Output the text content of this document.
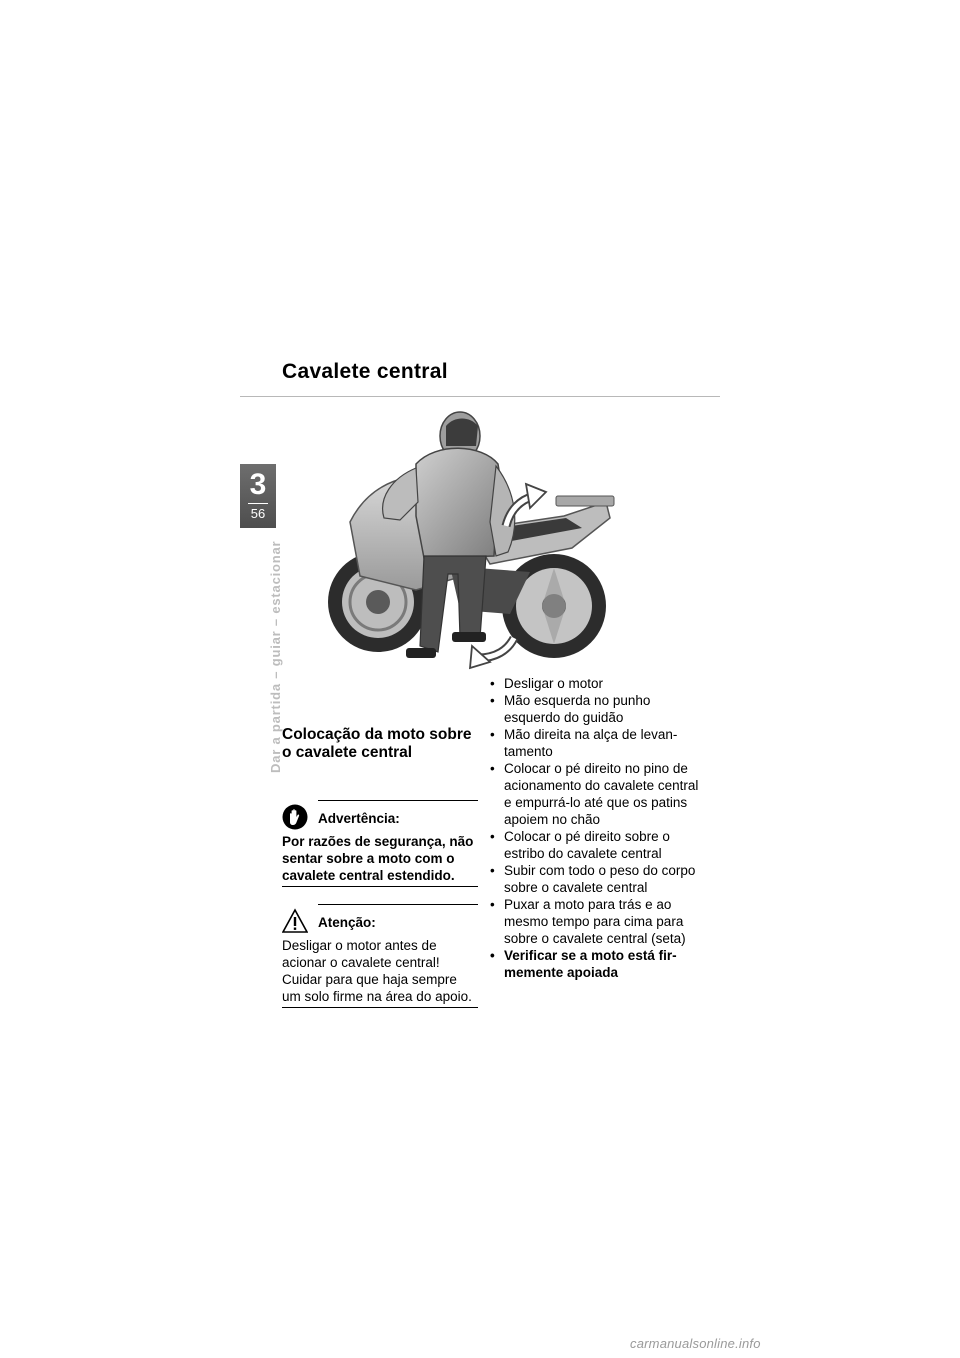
Cavalete central
3
56
Dar a partida – guiar – estacionar Colocação da moto sobre o cavalete central
Advertência:
Por razões de segurança, não sentar sobre a moto com o cavalete central estendido.
Atenção:
Desligar o motor antes de acionar o cavalete central! Cuidar para que haja sempre um solo firme na área do apoio.
• Desligar o motor
• Mão esquerda no punho esquerdo do guidão
• Mão direita na alça de levantamento
• Colocar o pé direito no pino de acionamento do cavalete central e empurrá-lo até que os patins apoiem no chão
• Colocar o pé direito sobre o estribo do cavalete central
• Subir com todo o peso do corpo sobre o cavalete central
• Puxar a moto para trás e ao mesmo tempo para cima para sobre o cavalete central (seta)
• Verificar se a moto está firmemente apoiada
carmanualsonline.info
